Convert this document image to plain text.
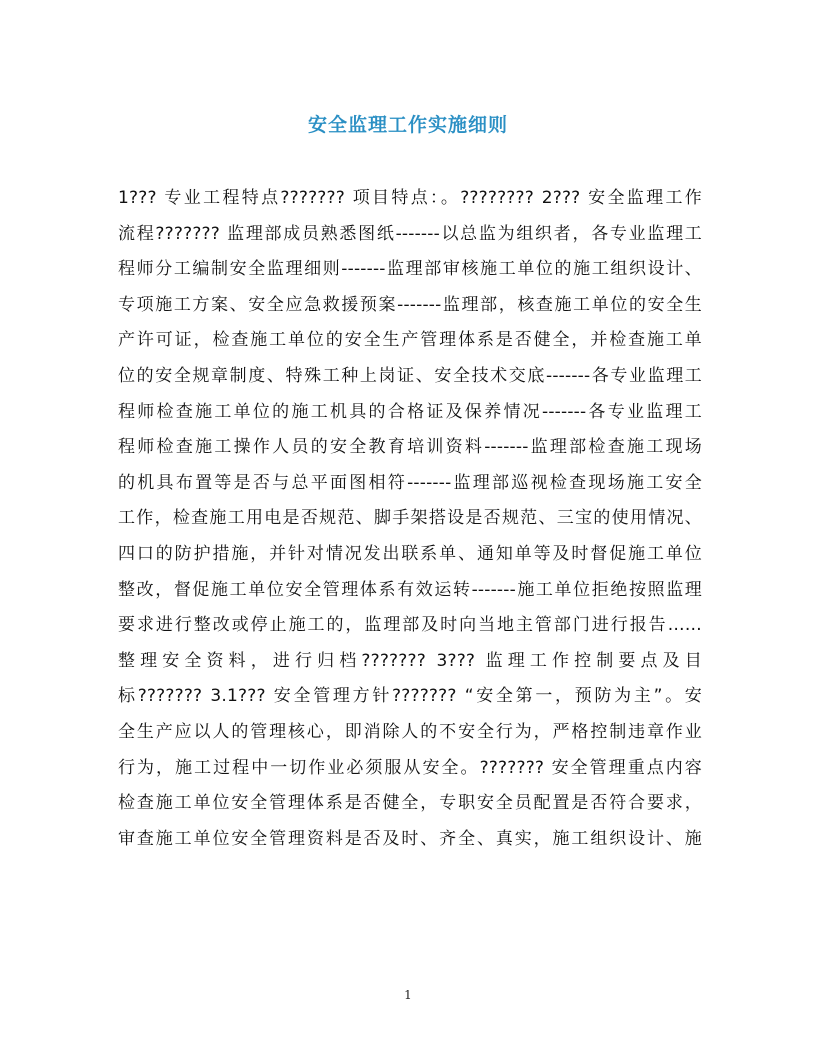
安全监理工作实施细则
1??? 专业工程特点??????? 项目特点：。???????? 2??? 安全监理工作
流程??????? 监理部成员熟悉图纸-------以总监为组织者，各专业监理工
程师分工编制安全监理细则-------监理部审核施工单位的施工组织设计、
专项施工方案、安全应急救援预案-------监理部，核查施工单位的安全生
产许可证，检查施工单位的安全生产管理体系是否健全，并检查施工单
位的安全规章制度、特殊工种上岗证、安全技术交底-------各专业监理工
程师检查施工单位的施工机具的合格证及保养情况-------各专业监理工
程师检查施工操作人员的安全教育培训资料-------监理部检查施工现场
的机具布置等是否与总平面图相符-------监理部巡视检查现场施工安全
工作，检查施工用电是否规范、脚手架搭设是否规范、三宝的使用情况、
四口的防护措施，并针对情况发出联系单、通知单等及时督促施工单位
整改，督促施工单位安全管理体系有效运转-------施工单位拒绝按照监理
要求进行整改或停止施工的，监理部及时向当地主管部门进行报告……
整理安全资料，进行归档??????? 3??? 监理工作控制要点及目
标??????? 3.1??? 安全管理方针??????? “安全第一，预防为主”。安
全生产应以人的管理核心，即消除人的不安全行为，严格控制违章作业
行为，施工过程中一切作业必须服从安全。??????? 安全管理重点内容
检查施工单位安全管理体系是否健全，专职安全员配置是否符合要求，
审查施工单位安全管理资料是否及时、齐全、真实，施工组织设计、施
1
